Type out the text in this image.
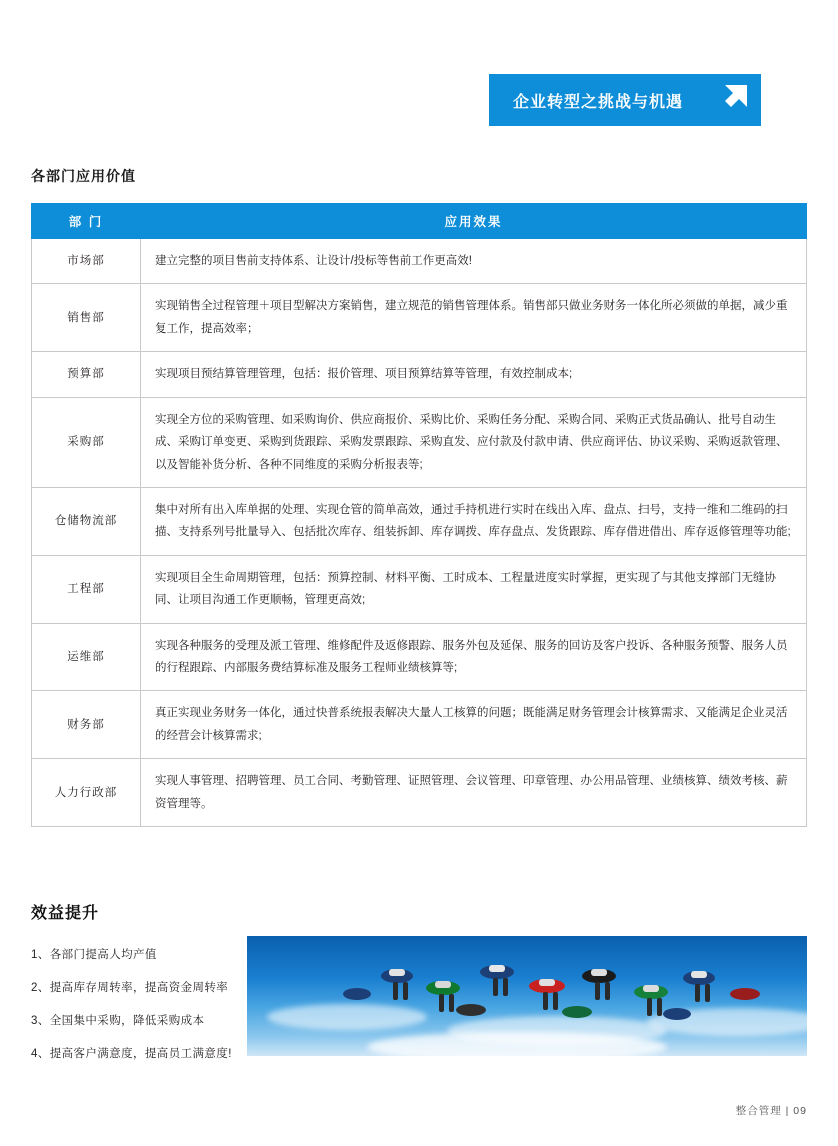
企业转型之挑战与机遇
各部门应用价值
部 门	应用效果
市场部	建立完整的项目售前支持体系、让设计/投标等售前工作更高效!
销售部	实现销售全过程管理＋项目型解决方案销售，建立规范的销售管理体系。销售部只做业务财务一体化所必须做的单据，减少重复工作，提高效率；
预算部	实现项目预结算管理管理，包括：报价管理、项目预算结算等管理，有效控制成本;
采购部	实现全方位的采购管理、如采购询价、供应商报价、采购比价、采购任务分配、采购合同、采购正式货品确认、批号自动生成、采购订单变更、采购到货跟踪、采购发票跟踪、采购直发、应付款及付款申请、供应商评估、协议采购、采购返款管理、以及智能补货分析、各种不同维度的采购分析报表等;
仓储物流部	集中对所有出入库单据的处理、实现仓管的简单高效，通过手持机进行实时在线出入库、盘点、扫号，支持一维和二维码的扫描、支持系列号批量导入、包括批次库存、组装拆卸、库存调拨、库存盘点、发货跟踪、库存借进借出、库存返修管理等功能;
工程部	实现项目全生命周期管理，包括：预算控制、材料平衡、工时成本、工程量进度实时掌握，更实现了与其他支撑部门无缝协同、让项目沟通工作更顺畅，管理更高效;
运维部	实现各种服务的受理及派工管理、维修配件及返修跟踪、服务外包及延保、服务的回访及客户投诉、各种服务预警、服务人员的行程跟踪、内部服务费结算标准及服务工程师业绩核算等;
财务部	真正实现业务财务一体化，通过快普系统报表解决大量人工核算的问题；既能满足财务管理会计核算需求、又能满足企业灵活的经营会计核算需求;
人力行政部	实现人事管理、招聘管理、员工合同、考勤管理、证照管理、会议管理、印章管理、办公用品管理、业绩核算、绩效考核、薪资管理等。
效益提升
1、各部门提高人均产值
2、提高库存周转率，提高资金周转率
3、全国集中采购，降低采购成本
4、提高客户满意度，提高员工满意度!
整合管理 | 09
